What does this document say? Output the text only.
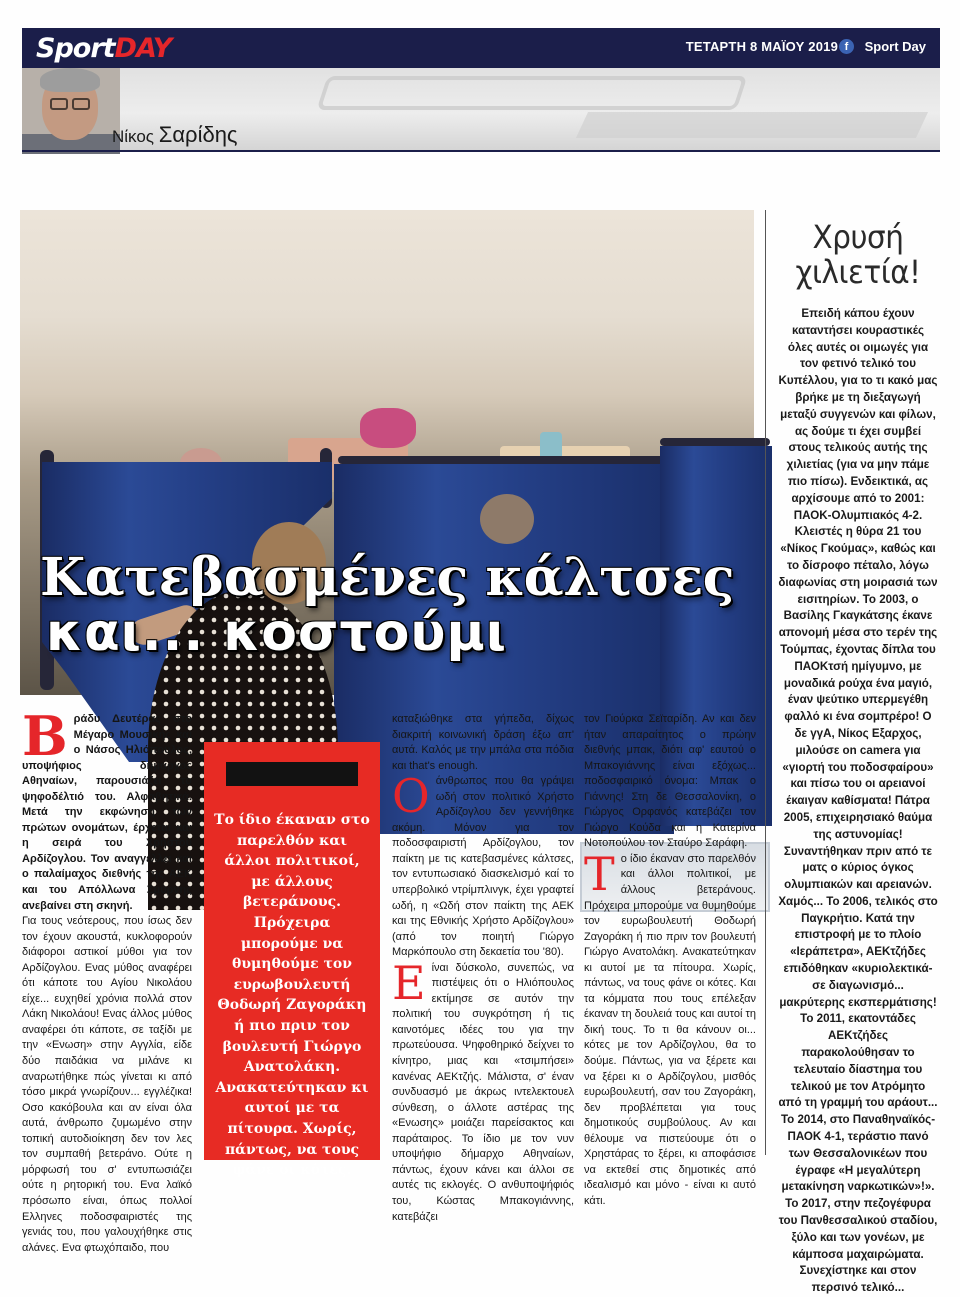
Sport DAY	ΤΕΤΑΡΤΗ 8 ΜΑΪΟΥ 2019 f	Sport Day
Νίκος Σαρίδης
Κατεβασμένες κάλτσες
και... κοστούμι
Χρυσή
χιλιετία!
Επειδή κάπου έχουν καταντήσει κουραστικές όλες αυτές οι οιμωγές για τον φετινό τελικό του Κυπέλλου, για το τι κακό μας βρήκε με τη διεξαγωγή μεταξύ συγγενών και φίλων, ας δούμε τι έχει συμβεί στους τελικούς αυτής της χιλιετίας (για να μην πάμε πιο πίσω). Ενδεικτικά, ας αρχίσουμε από το 2001: ΠΑΟΚ-Ολυμπιακός 4-2. Κλειστές η θύρα 21 του «Νίκος Γκούμας», καθώς και το δίσροφο πέταλο, λόγω διαφωνίας στη μοιρασιά των εισιτηρίων. Το 2003, ο Βασίλης Γκαγκάτσης έκανε απονομή μέσα στο τερέν της Τούμπας, έχοντας δίπλα του ΠΑΟΚτσή ημίγυμνο, με μοναδικά ρούχα ένα μαγιό, έναν ψεύτικο υπερμεγέθη φαλλό κι ένα σομπρέρο! Ο δε γγΑ, Νίκος Εξαρχος, μιλούσε on camera για «γιορτή του ποδοσφαίρου» και πίσω του οι αρειανοί έκαιγαν καθίσματα! Πάτρα 2005, επιχειρησιακό θαύμα της αστυνομίας! Συναντήθηκαν πριν από τε ματς ο κύριος όγκος ολυμπιακών και αρειανών. Χαμός... Το 2006, τελικός στο Παγκρήτιο. Κατά την επιστροφή με το πλοίο «Ιεράπετρα», ΑΕΚτζήδες επιδόθηκαν «κυριολεκτικά- σε διαγωνισμό... μακρύτερης εκσπερμάτισης! Το 2011, εκατοντάδες ΑΕΚτζήδες παρακολούθησαν το τελευταίο δίαστημα του τελικού με τον Ατρόμητο από τη γραμμή του αράουτ... Το 2014, στο Παναθηναϊκός-ΠΑΟΚ 4-1, τεράστιο πανό των Θεσσαλονικέων που έγραφε «Η μεγαλύτερη μετακίνηση ναρκωτικών»!». Το 2017, στην πεζογέφυρα του Πανθεσσαλικού σταδίου, ξύλο και των γονέων, με κάμποσα μαχαιρώματα. Συνεχίστηκε και στον περσινό τελικό...
Β ράδυ Δευτέρας στο Μέγαρο Μουσικής και ο Νάσος Ηλιόπουλος, υποψήφιος δήμαρχος Αθηναίων, παρουσιάζει το ψηφοδέλτιό του. Αλφαβητικά. Μετά την εκφώνηση των πρώτων ονομάτων, έρχεται και η σειρά του Χρήστου Αρδίζογλου. Τον αναγγέλλει και ο παλαίμαχος διεθνής της ΑΕΚ και του Απόλλωνα Σμύρνης ανεβαίνει στη σκηνή.
Για τους νεότερους, που ίσως δεν τον έχουν ακουστά, κυκλοφορούν διάφοροι αστικοί μύθοι για τον Αρδίζογλου. Ενας μύθος αναφέρει ότι κάποτε του Αγίου Νικολάου είχε... ευχηθεί χρόνια πολλά στον Λάκη Νικολάου! Ενας άλλος μύθος αναφέρει ότι κάποτε, σε ταξίδι με την «Ενωση» στην Αγγλία, είδε δύο παιδάκια να μιλάνε κι αναρωτήθηκε πώς γίνεται κι από τόσο μικρά γνωρίζουν... εγγλέζικα! Οσο κακόβουλα και αν είναι όλα αυτά, άνθρωπο ζυμωμένο στην τοπική αυτοδιοίκηση δεν τον λες τον συμπαθή βετεράνο. Ούτε η μόρφωσή του σ' εντυπωσιάζει ούτε η ρητορική του. Ενα λαϊκό πρόσωπο είναι, όπως πολλοί Ελληνες ποδοσφαιριστές της γενιάς του, που γαλουχήθηκε στις αλάνες. Ενα φτωχόπαιδο, που
Το ίδιο έκαναν στο παρελθόν και άλλοι πολιτικοί, με άλλους βετεράνους. Πρόχειρα μπορούμε να θυμηθούμε τον ευρωβουλευτή Θοδωρή Ζαγοράκη ή πιο πριν τον βουλευτή Γιώργο Ανατολάκη. Ανακατεύτηκαν κι αυτοί με τα πίτουρα. Χωρίς, πάντως, να τους φάνε οι κότες.
καταξιώθηκε στα γήπεδα, δίχως διακριτή κοινωνική δράση έξω απ' αυτά. Καλός με την μπάλα στα πόδια και that's enough.
Ο άνθρωπος που θα γράψει ωδή στον πολιτικό Χρήστο Αρδίζογλου δεν γεννήθηκε ακόμη. Μόνον για τον ποδοσφαιριστή Αρδίζογλου, τον παίκτη με τις κατεβασμένες κάλτσες, τον εντυπωσιακό διασκελισμό καί το υπερβολικό ντρίμπλινγκ, έχει γραφτεί ωδή, η «Ωδή στον παίκτη της ΑΕΚ και της Εθνικής Χρήστο Αρδίζογλου» (από τον ποιητή Γιώργο Μαρκόπουλο στη δεκαετία του '80).
Ε ίναι δύσκολο, συνεπώς, να πιστέψεις ότι ο Ηλιόπουλος εκτίμησε σε αυτόν την πολιτική του συγκρότηση ή τις καινοτόμες ιδέες του για την πρωτεύουσα. Ψηφοθηρικό δείχνει το κίνητρο, μιας και «τσιμπήσει» κανένας ΑΕΚτζής. Μάλιστα, σ' έναν συνδυασμό με άκρως ιντελεκτουελ σύνθεση, ο άλλοτε αστέρας της «Ενωσης» μοιάζει παρείσακτος και παράταιρος. Το ίδιο με τον νυν υποψήφιο δήμαρχο Αθηναίων, πάντως, έχουν κάνει και άλλοι σε αυτές τις εκλογές. Ο ανθυποψήφιός του, Κώστας Μπακογιάννης, κατεβάζει
τον Γιούρκα Σεϊταρίδη. Αν και δεν ήταν απαραίτητος ο πρώην διεθνής μπακ, διότι αφ' εαυτού ο Μπακογιάννης είναι εξόχως... ποδοσφαιρικό όνομα: Μπακ ο Γιάννης! Στη δε Θεσσαλονίκη, ο Γιώργος Ορφανός κατεβάζει τον Γιώργο Κούδα και η Κατερίνα Νοτοπούλου τον Σταύρο Σαράφη.
Τ ο ίδιο έκαναν στο παρελθόν και άλλοι πολιτικοί, με άλλους βετεράνους. Πρόχειρα μπορούμε να θυμηθούμε τον ευρωβουλευτή Θοδωρή Ζαγοράκη ή πιο πριν τον βουλευτή Γιώργο Ανατολάκη. Ανακατεύτηκαν κι αυτοί με τα πίτουρα. Χωρίς, πάντως, να τους φάνε οι κότες. Και τα κόμματα που τους επέλεξαν έκαναν τη δουλειά τους και αυτοί τη δική τους. Το τι θα κάνουν οι... κότες με τον Αρδίζογλου, θα το δούμε. Πάντως, για να ξέρετε και να ξέρει κι ο Αρδίζογλου, μισθός ευρωβουλευτή, σαν του Ζαγοράκη, δεν προβλέπεται για τους δημοτικούς συμβούλους. Αν και θέλουμε να πιστεύουμε ότι ο Χρηστάρας το ξέρει, κι αποφάσισε να εκτεθεί στις δημοτικές από ιδεαλισμό και μόνο - είναι κι αυτό κάτι.
